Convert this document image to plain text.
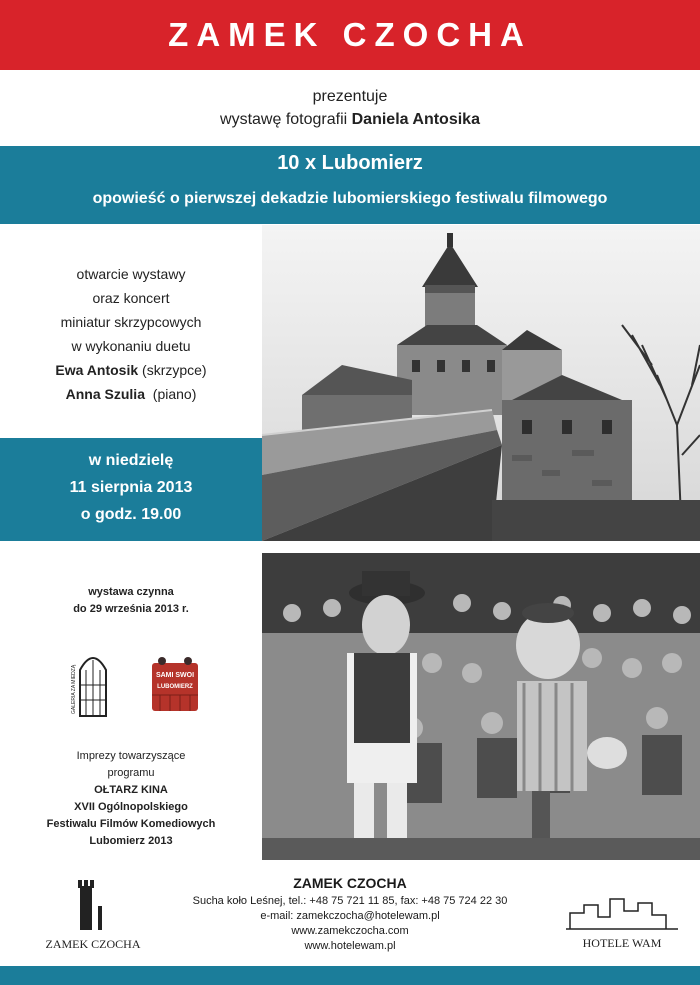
ZAMEK CZOCHA
prezentuje
wystawę fotografii Daniela Antosika
10 x Lubomierz
opowieść o pierwszej dekadzie lubomierskiego festiwalu filmowego
otwarcie wystawy
oraz koncert
miniatur skrzypcowych
w wykonaniu duetu
Ewa Antosik (skrzypce)
Anna Szulia  (piano)
w niedzielę
11 sierpnia 2013
o godz. 19.00
wystawa czynna
do 29 września 2013 r.
GALERIA ZA MIEDZĄ	SAMI SWOI
LUBOMIERZ
Imprezy towarzyszące
programu
OŁTARZ KINA
XVII Ogólnopolskiego
Festiwalu Filmów Komediowych
Lubomierz 2013
ZAMEK CZOCHA
ZAMEK CZOCHA
Sucha koło Leśnej, tel.: +48 75 721 11 85, fax: +48 75 724 22 30
e-mail: zamekczocha@hotelewam.pl
www.zamekczocha.com
www.hotelewam.pl	HOTELE WAM
